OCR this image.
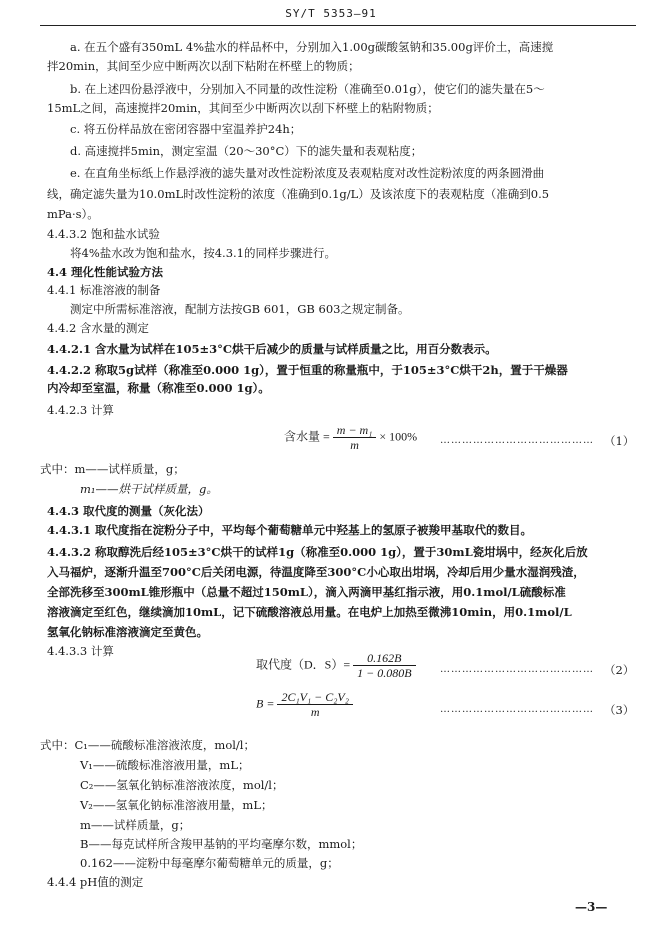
SY/T 5353—91
a. 在五个盛有350mL 4%盐水的样品杯中，分别加入1.00g碳酸氢钠和35.00g评价土，高速搅
拌20min，其间至少应中断两次以刮下粘附在杯壁上的物质；
b. 在上述四份悬浮液中，分别加入不同量的改性淀粉（准确至0.01g），使它们的滤失量在5～
15mL之间，高速搅拌20min，其间至少中断两次以刮下杯壁上的粘附物质；
c. 将五份样品放在密闭容器中室温养护24h；
d. 高速搅拌5min，测定室温（20～30°C）下的滤失量和表观粘度；
e. 在直角坐标纸上作悬浮液的滤失量对改性淀粉浓度及表观粘度对改性淀粉浓度的两条圆滑曲
线，确定滤失量为10.0mL时改性淀粉的浓度（准确到0.1g/L）及该浓度下的表观粘度（准确到0.5
mPa·s）。
4.4.3.2 饱和盐水试验
将4%盐水改为饱和盐水，按4.3.1的同样步骤进行。
4.4 理化性能试验方法
4.4.1 标准溶液的制备
测定中所需标准溶液，配制方法按GB 601，GB 603之规定制备。
4.4.2 含水量的测定
4.4.2.1 含水量为试样在105±3°C烘干后减少的质量与试样质量之比，用百分数表示。
4.4.2.2 称取5g试样（称准至0.000 1g），置于恒重的称量瓶中，于105±3°C烘干2h，置于干燥器
内冷却至室温，称量（称准至0.000 1g）。
4.4.2.3 计算
含水量 = $\frac{\text{m − m₁}}{m} \times 100\%$ …………………………………… （1）
式中：m——试样质量，g；
m₁——烘干试样质量，g。
4.4.3 取代度的测量（灰化法）
4.4.3.1 取代度指在淀粉分子中，平均每个葡萄糖单元中羟基上的氢原子被羧甲基取代的数目。
4.4.3.2 称取醇洗后经105±3°C烘干的试样1g（称准至0.000 1g），置于30mL瓷坩埚中，经灰化后放
入马福炉，逐渐升温至700°C后关闭电源，待温度降至300°C小心取出坩埚，冷却后用少量水湿润残渣，
全部洗移至300mL锥形瓶中（总量不超过150mL），滴入两滴甲基红指示液，用0.1mol/L硫酸标准
溶液滴定至红色，继续滴加10mL，记下硫酸溶液总用量。在电炉上加热至微沸10min，用0.1mol/L
氢氧化钠标准溶液滴定至黄色。
4.4.3.3 计算
取代度（D．$S)= \frac{0.162B}{1 - 0.080B}$ …………………………………… （2）
$B = \frac{\text{2C₁V₁ − C₂V₂}}{m}$	…………………………………… （3）
式中：C₁——硫酸标准溶液浓度，mol/l；
V₁——硫酸标准溶液用量，mL；
C₂——氢氧化钠标准溶液浓度，mol/l；
V₂——氢氧化钠标准溶液用量，mL；
m——试样质量，g；
B——每克试样所含羧甲基钠的平均毫摩尔数，mmol；
0.162——淀粉中每毫摩尔葡萄糖单元的质量，g；
4.4.4 pH值的测定
—3—
